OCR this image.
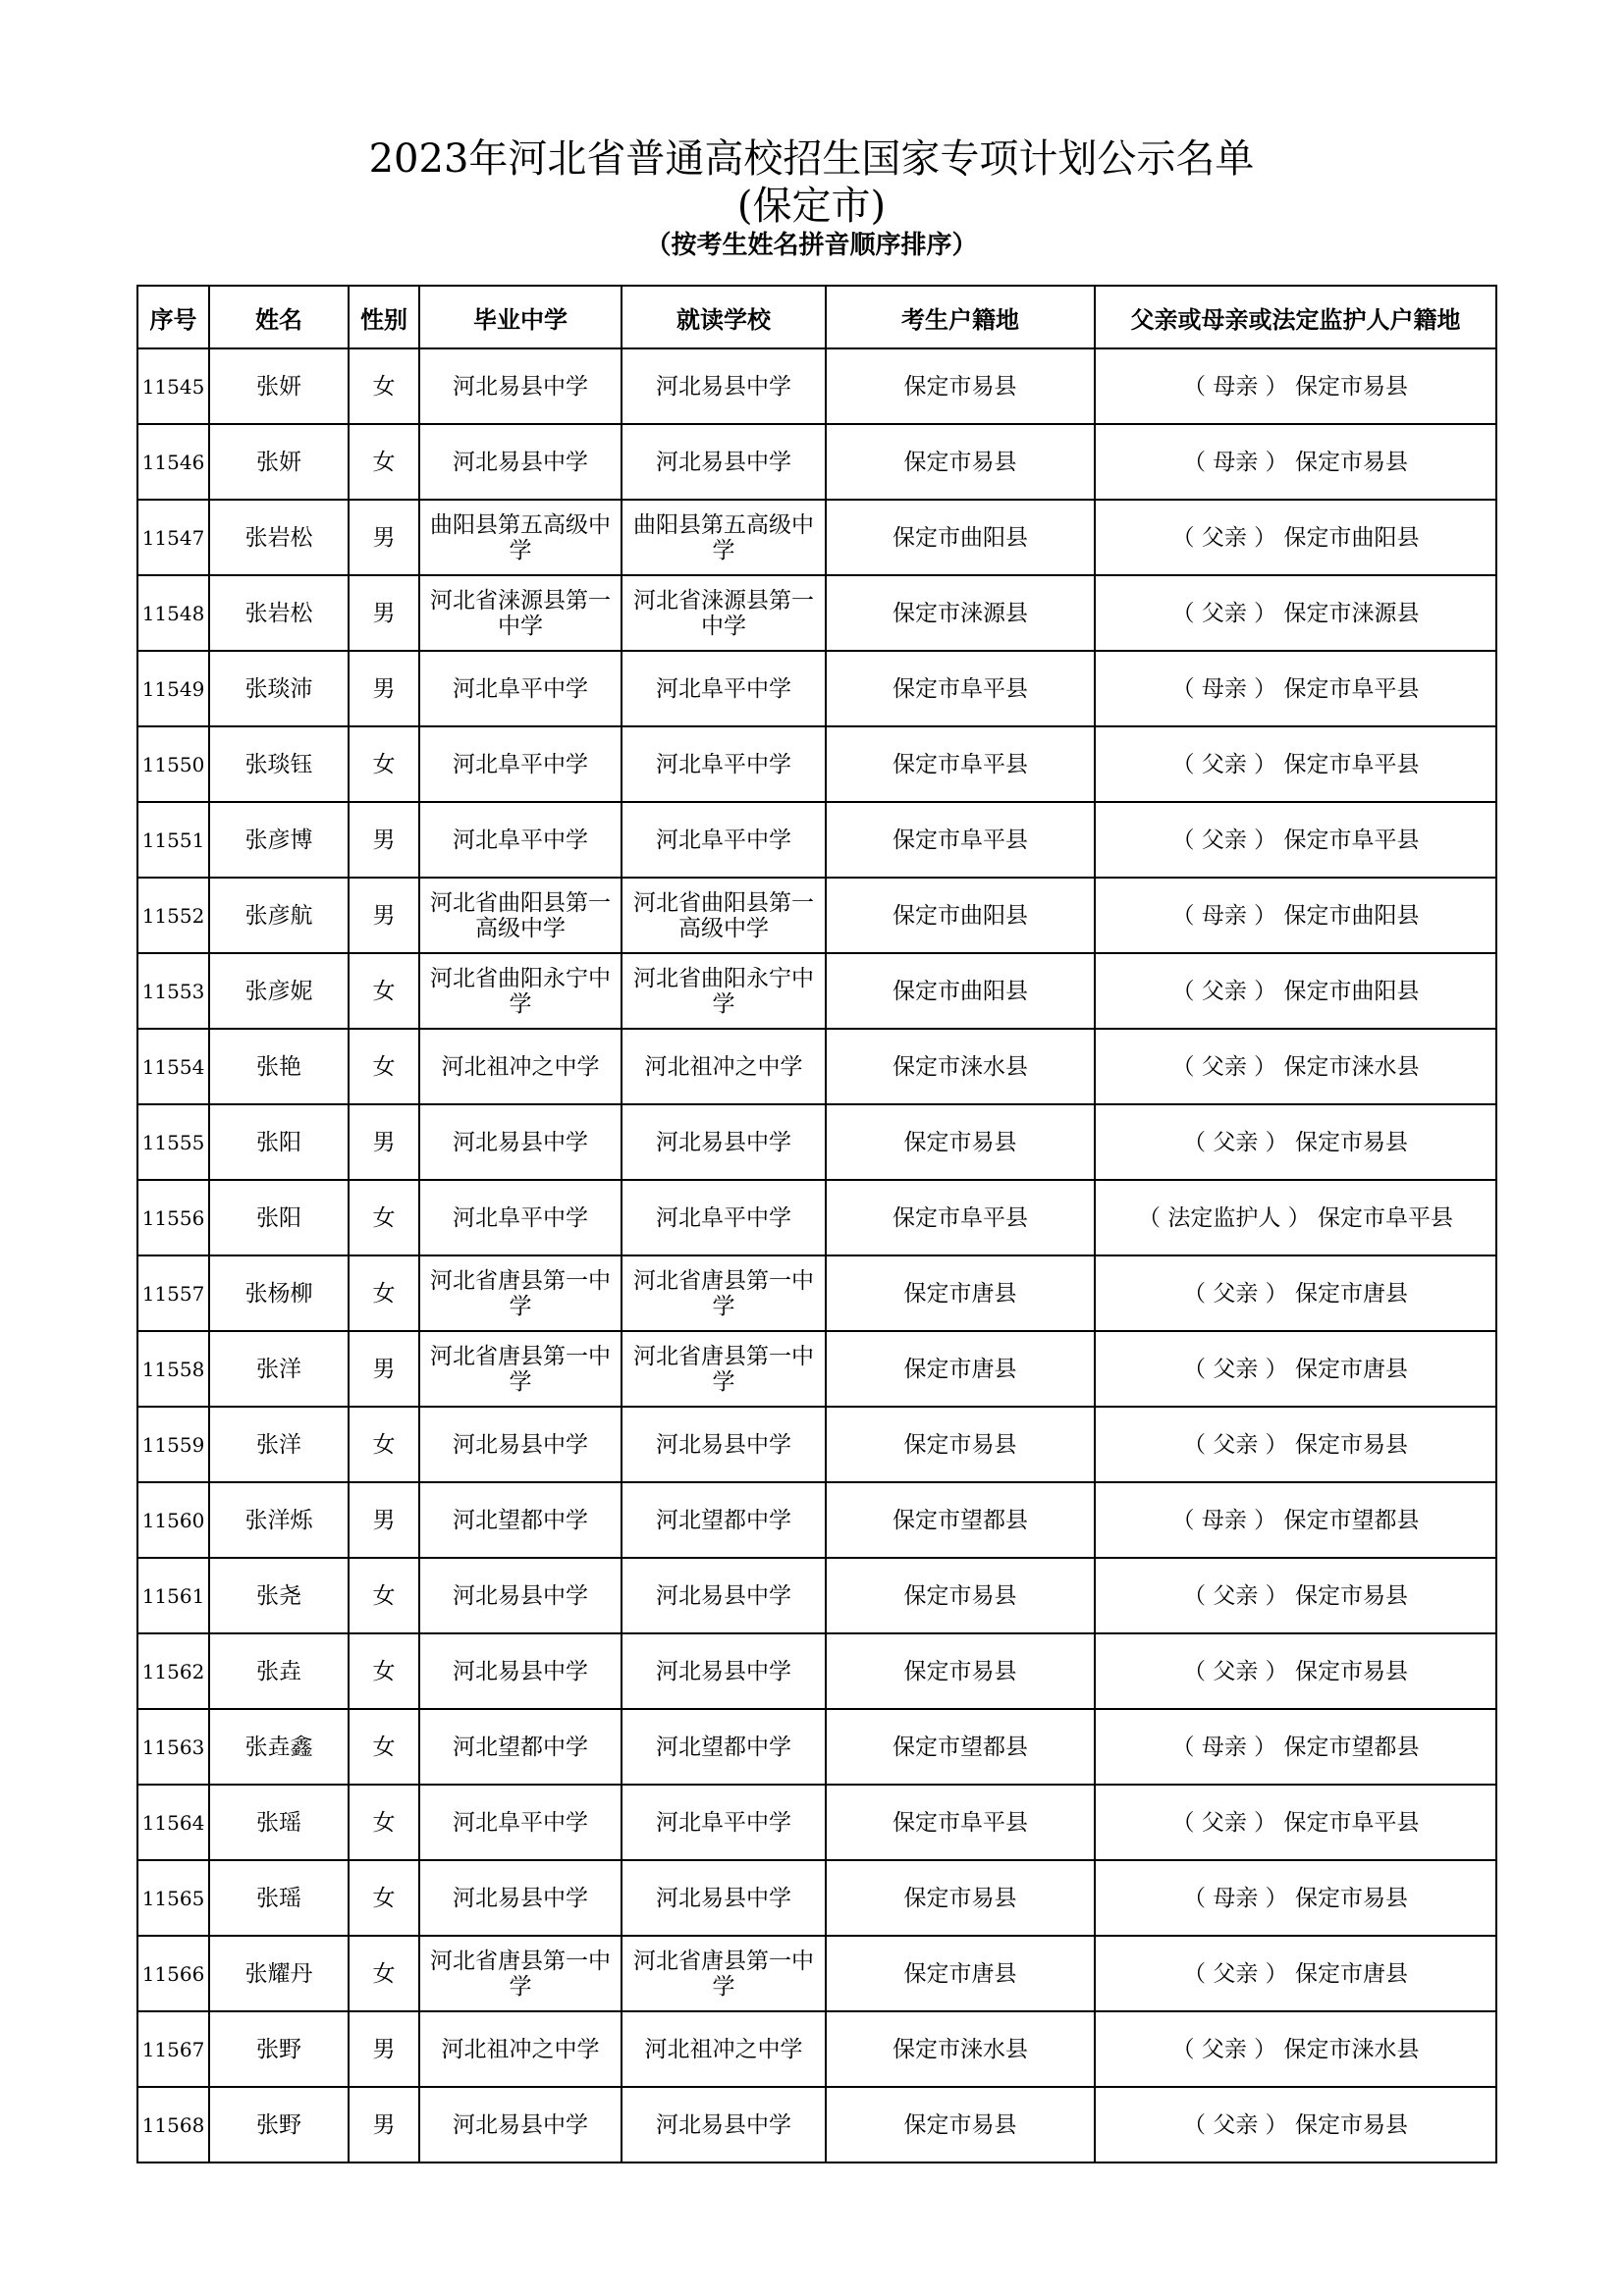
2023年河北省普通高校招生国家专项计划公示名单
(保定市)
（按考生姓名拼音顺序排序）
序号	姓名	性别	毕业中学	就读学校	考生户籍地	父亲或母亲或法定监护人户籍地
11545	张妍	女	河北易县中学	河北易县中学	保定市易县	（ 母亲 ） 保定市易县
11546	张妍	女	河北易县中学	河北易县中学	保定市易县	（ 母亲 ） 保定市易县
11547	张岩松	男	曲阳县第五高级中学	曲阳县第五高级中学	保定市曲阳县	（ 父亲 ） 保定市曲阳县
11548	张岩松	男	河北省涞源县第一中学	河北省涞源县第一中学	保定市涞源县	（ 父亲 ） 保定市涞源县
11549	张琰沛	男	河北阜平中学	河北阜平中学	保定市阜平县	（ 母亲 ） 保定市阜平县
11550	张琰钰	女	河北阜平中学	河北阜平中学	保定市阜平县	（ 父亲 ） 保定市阜平县
11551	张彦博	男	河北阜平中学	河北阜平中学	保定市阜平县	（ 父亲 ） 保定市阜平县
11552	张彦航	男	河北省曲阳县第一高级中学	河北省曲阳县第一高级中学	保定市曲阳县	（ 母亲 ） 保定市曲阳县
11553	张彦妮	女	河北省曲阳永宁中学	河北省曲阳永宁中学	保定市曲阳县	（ 父亲 ） 保定市曲阳县
11554	张艳	女	河北祖冲之中学	河北祖冲之中学	保定市涞水县	（ 父亲 ） 保定市涞水县
11555	张阳	男	河北易县中学	河北易县中学	保定市易县	（ 父亲 ） 保定市易县
11556	张阳	女	河北阜平中学	河北阜平中学	保定市阜平县	（ 法定监护人 ） 保定市阜平县
11557	张杨柳	女	河北省唐县第一中学	河北省唐县第一中学	保定市唐县	（ 父亲 ） 保定市唐县
11558	张洋	男	河北省唐县第一中学	河北省唐县第一中学	保定市唐县	（ 父亲 ） 保定市唐县
11559	张洋	女	河北易县中学	河北易县中学	保定市易县	（ 父亲 ） 保定市易县
11560	张洋烁	男	河北望都中学	河北望都中学	保定市望都县	（ 母亲 ） 保定市望都县
11561	张尧	女	河北易县中学	河北易县中学	保定市易县	（ 父亲 ） 保定市易县
11562	张垚	女	河北易县中学	河北易县中学	保定市易县	（ 父亲 ） 保定市易县
11563	张垚鑫	女	河北望都中学	河北望都中学	保定市望都县	（ 母亲 ） 保定市望都县
11564	张瑶	女	河北阜平中学	河北阜平中学	保定市阜平县	（ 父亲 ） 保定市阜平县
11565	张瑶	女	河北易县中学	河北易县中学	保定市易县	（ 母亲 ） 保定市易县
11566	张耀丹	女	河北省唐县第一中学	河北省唐县第一中学	保定市唐县	（ 父亲 ） 保定市唐县
11567	张野	男	河北祖冲之中学	河北祖冲之中学	保定市涞水县	（ 父亲 ） 保定市涞水县
11568	张野	男	河北易县中学	河北易县中学	保定市易县	（ 父亲 ） 保定市易县
